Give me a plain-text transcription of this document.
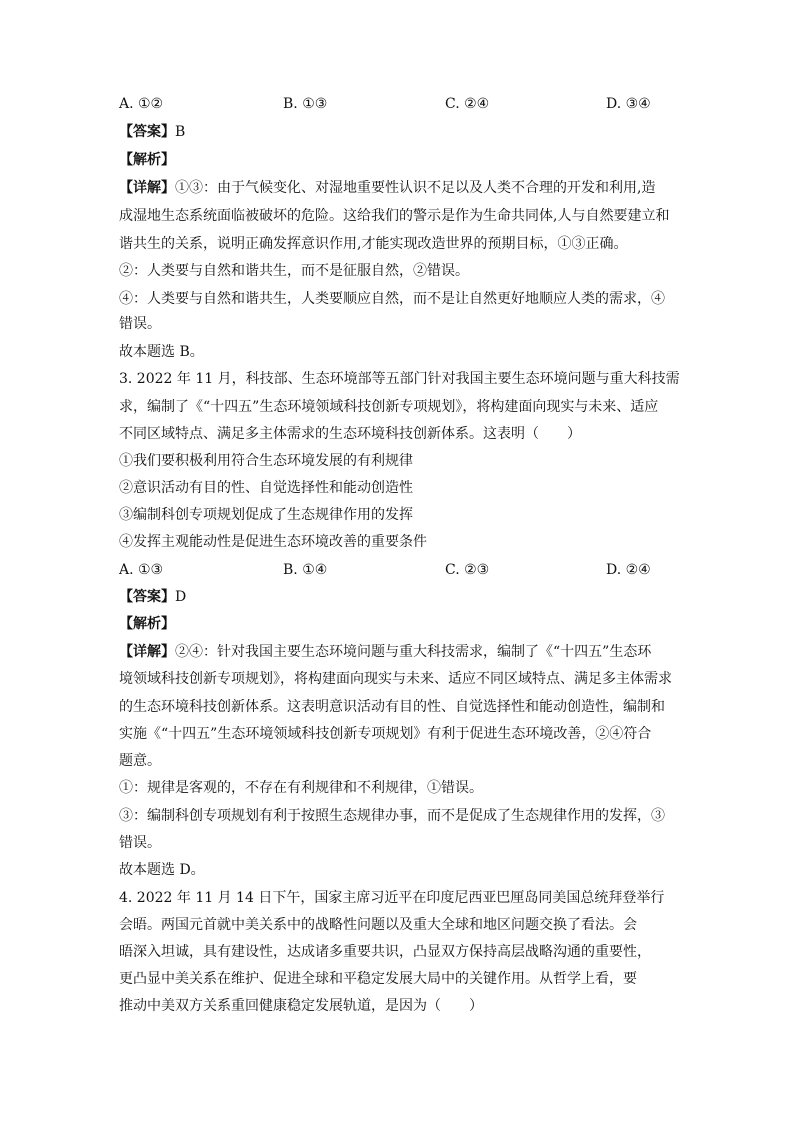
A. ①②	B. ①③	C. ②④	D. ③④
【答案】B
【解析】
【详解】①③：由于气候变化、对湿地重要性认识不足以及人类不合理的开发和利用,造
成湿地生态系统面临被破坏的危险。这给我们的警示是作为生命共同体,人与自然要建立和
谐共生的关系，说明正确发挥意识作用,才能实现改造世界的预期目标，①③正确。
②：人类要与自然和谐共生，而不是征服自然，②错误。
④：人类要与自然和谐共生，人类要顺应自然，而不是让自然更好地顺应人类的需求，④
错误。
故本题选 B。
3. 2022 年 11 月，科技部、生态环境部等五部门针对我国主要生态环境问题与重大科技需
求，编制了《“十四五”生态环境领域科技创新专项规划》，将构建面向现实与未来、适应
不同区域特点、满足多主体需求的生态环境科技创新体系。这表明（　　）
①我们要积极利用符合生态环境发展的有利规律
②意识活动有目的性、自觉选择性和能动创造性
③编制科创专项规划促成了生态规律作用的发挥
④发挥主观能动性是促进生态环境改善的重要条件
A. ①③	B. ①④	C. ②③	D. ②④
【答案】D
【解析】
【详解】②④：针对我国主要生态环境问题与重大科技需求，编制了《“十四五”生态环
境领域科技创新专项规划》，将构建面向现实与未来、适应不同区域特点、满足多主体需求
的生态环境科技创新体系。这表明意识活动有目的性、自觉选择性和能动创造性，编制和
实施《“十四五”生态环境领域科技创新专项规划》有利于促进生态环境改善，②④符合
题意。
①：规律是客观的，不存在有利规律和不利规律，①错误。
③：编制科创专项规划有利于按照生态规律办事，而不是促成了生态规律作用的发挥，③
错误。
故本题选 D。
4. 2022 年 11 月 14 日下午，国家主席习近平在印度尼西亚巴厘岛同美国总统拜登举行
会晤。两国元首就中美关系中的战略性问题以及重大全球和地区问题交换了看法。会
晤深入坦诚，具有建设性，达成诸多重要共识，凸显双方保持高层战略沟通的重要性，
更凸显中美关系在维护、促进全球和平稳定发展大局中的关键作用。从哲学上看，要
推动中美双方关系重回健康稳定发展轨道，是因为（　　）
